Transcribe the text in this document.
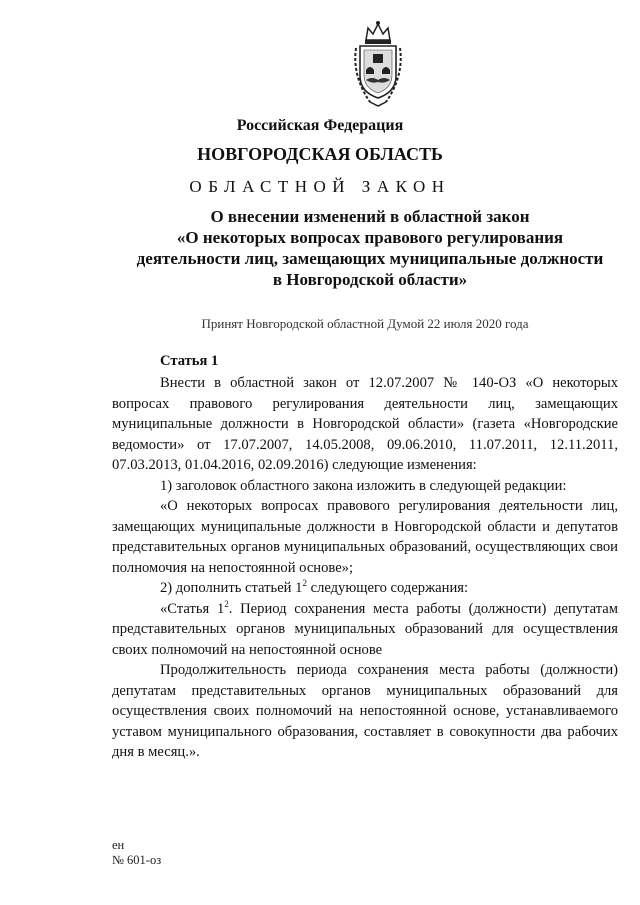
Российская Федерация
НОВГОРОДСКАЯ ОБЛАСТЬ
ОБЛАСТНОЙ ЗАКОН
О внесении изменений в областной закон
«О некоторых вопросах правового регулирования
деятельности лиц, замещающих муниципальные должности
в Новгородской области»
Принят Новгородской областной Думой 22 июля 2020 года
Статья 1
Внести в областной закон от 12.07.2007 № 140-ОЗ «О некоторых вопросах правового регулирования деятельности лиц, замещающих муниципальные должности в Новгородской области» (газета «Новгородские ведомости» от 17.07.2007, 14.05.2008, 09.06.2010, 11.07.2011, 12.11.2011, 07.03.2013, 01.04.2016, 02.09.2016) следующие изменения:
1) заголовок областного закона изложить в следующей редакции:
«О некоторых вопросах правового регулирования деятельности лиц, замещающих муниципальные должности в Новгородской области и депутатов представительных органов муниципальных образований, осуществляющих свои полномочия на непостоянной основе»;
2) дополнить статьей $1^2$ следующего содержания:
«Статья $1^2$. Период сохранения места работы (должности) депутатам представительных органов муниципальных образований для осуществления своих полномочий на непостоянной основе
Продолжительность периода сохранения места работы (должности) депутатам представительных органов муниципальных образований для осуществления своих полномочий на непостоянной основе, устанавливаемого уставом муниципального образования, составляет в совокупности два рабочих дня в месяц.».
ен
№ 601-оз
